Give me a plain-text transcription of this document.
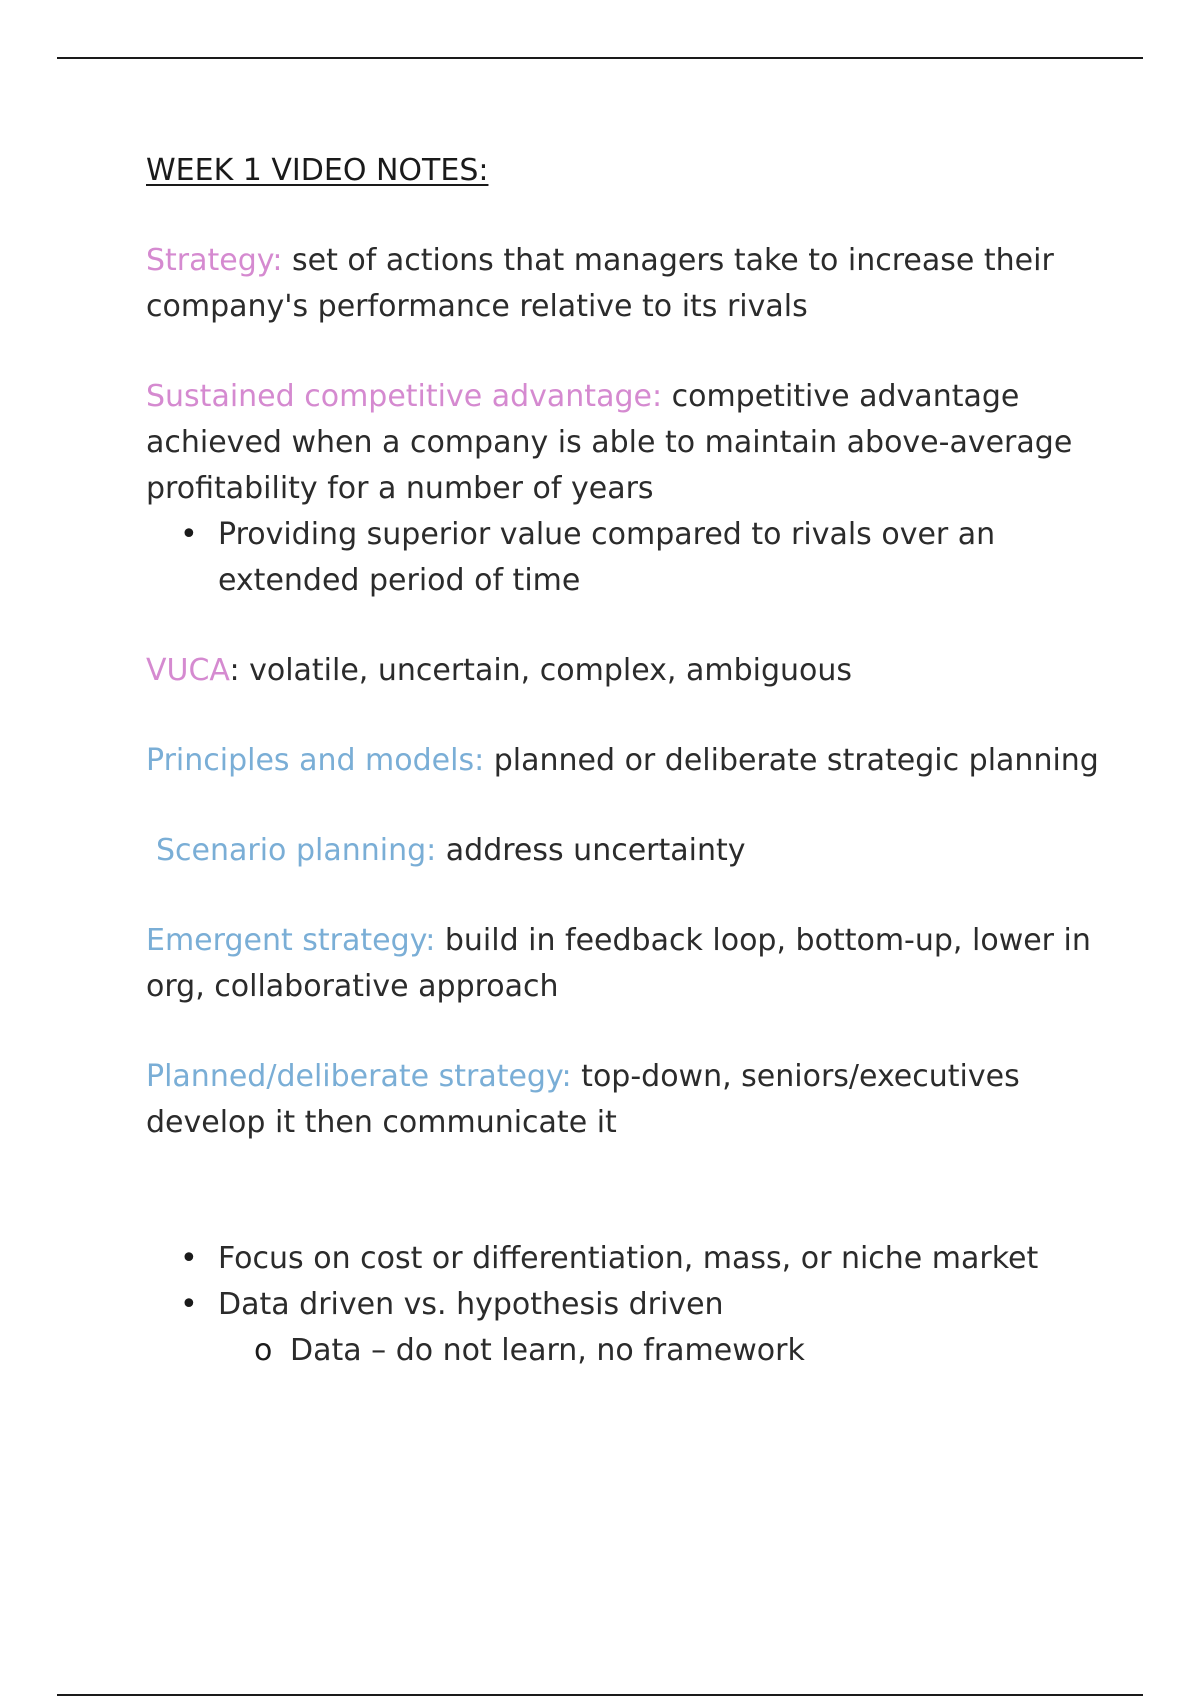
WEEK 1 VIDEO NOTES:

Strategy: set of actions that managers take to increase their company's performance relative to its rivals

Sustained competitive advantage: competitive advantage achieved when a company is able to maintain above-average profitability for a number of years

• Providing superior value compared to rivals over an extended period of time

VUCA: volatile, uncertain, complex, ambiguous

Principles and models: planned or deliberate strategic planning

Scenario planning: address uncertainty

Emergent strategy: build in feedback loop, bottom-up, lower in org, collaborative approach

Planned/deliberate strategy: top-down, seniors/executives develop it then communicate it

• Focus on cost or differentiation, mass, or niche market
• Data driven vs. hypothesis driven
o Data – do not learn, no framework
